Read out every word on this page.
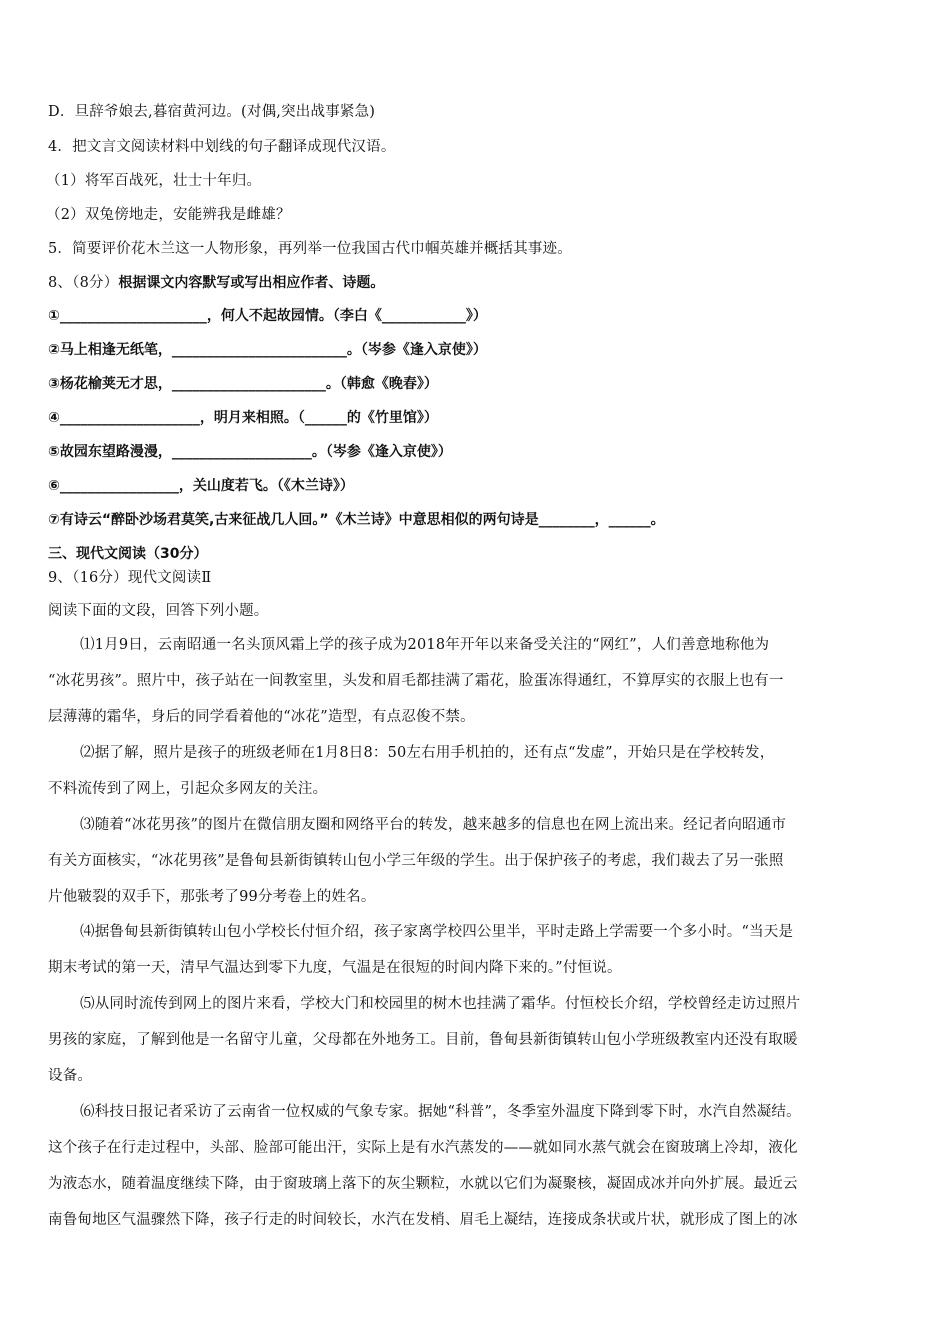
D．旦辞爷娘去,暮宿黄河边。(对偶,突出战事紧急)
4．把文言文阅读材料中划线的句子翻译成现代汉语。
（1）将军百战死，壮士十年归。
（2）双兔傍地走，安能辨我是雌雄？
5．简要评价花木兰这一人物形象，再列举一位我国古代巾帼英雄并概括其事迹。
8、（8分）根据课文内容默写或写出相应作者、诗题。
①_____________________，何人不起故园情。（李白《____________》）
②马上相逢无纸笔，_________________________。（岑参《逢入京使》）
③杨花榆荚无才思，______________________。（韩愈《晚春》）
④____________________，明月来相照。（______的《竹里馆》）
⑤故园东望路漫漫，____________________。（岑参《逢入京使》）
⑥_________________，关山度若飞。（《木兰诗》）
⑦有诗云“醉卧沙场君莫笑,古来征战几人回。”《木兰诗》中意思相似的两句诗是________，______。
三、现代文阅读（30分）
9、（16分）现代文阅读Ⅱ
阅读下面的文段，回答下列小题。
⑴1月9日，云南昭通一名头顶风霜上学的孩子成为2018年开年以来备受关注的“网红”，人们善意地称他为
“冰花男孩”。照片中，孩子站在一间教室里，头发和眉毛都挂满了霜花，脸蛋冻得通红，不算厚实的衣服上也有一
层薄薄的霜华，身后的同学看着他的“冰花”造型，有点忍俊不禁。
⑵据了解，照片是孩子的班级老师在1月8日8：50左右用手机拍的，还有点“发虚”，开始只是在学校转发，
不料流传到了网上，引起众多网友的关注。
⑶随着“冰花男孩”的图片在微信朋友圈和网络平台的转发，越来越多的信息也在网上流出来。经记者向昭通市
有关方面核实，“冰花男孩”是鲁甸县新街镇转山包小学三年级的学生。出于保护孩子的考虑，我们裁去了另一张照
片他皲裂的双手下，那张考了99分考卷上的姓名。
⑷据鲁甸县新街镇转山包小学校长付恒介绍，孩子家离学校四公里半，平时走路上学需要一个多小时。“当天是
期末考试的第一天，清早气温达到零下九度，气温是在很短的时间内降下来的。”付恒说。
⑸从同时流传到网上的图片来看，学校大门和校园里的树木也挂满了霜华。付恒校长介绍，学校曾经走访过照片
男孩的家庭，了解到他是一名留守儿童，父母都在外地务工。目前，鲁甸县新街镇转山包小学班级教室内还没有取暖
设备。
⑹科技日报记者采访了云南省一位权威的气象专家。据她“科普”，冬季室外温度下降到零下时，水汽自然凝结。
这个孩子在行走过程中，头部、脸部可能出汗，实际上是有水汽蒸发的——就如同水蒸气就会在窗玻璃上冷却，液化
为液态水，随着温度继续下降，由于窗玻璃上落下的灰尘颗粒，水就以它们为凝聚核，凝固成冰并向外扩展。最近云
南鲁甸地区气温骤然下降，孩子行走的时间较长，水汽在发梢、眉毛上凝结，连接成条状或片状，就形成了图上的冰
